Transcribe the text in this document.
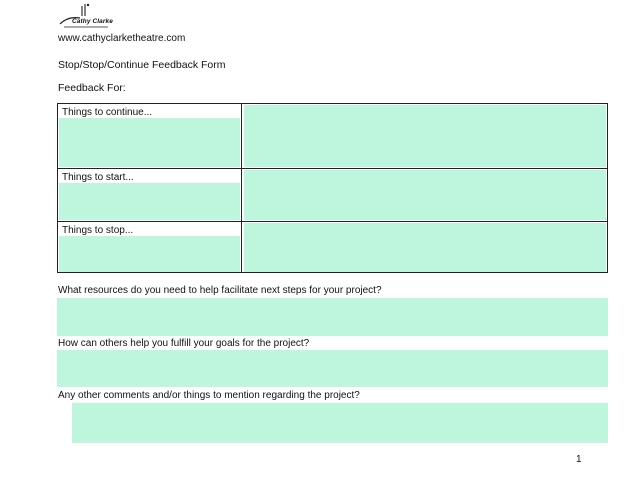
Cathy Clarke
www.cathyclarketheatre.com
Stop/Stop/Continue Feedback Form
Feedback For:
Things to continue...
Things to start...
Things to stop...
What resources do you need to help facilitate next steps for your project?
How can others help you fulfill your goals for the project?
Any other comments and/or things to mention regarding the project?
1
